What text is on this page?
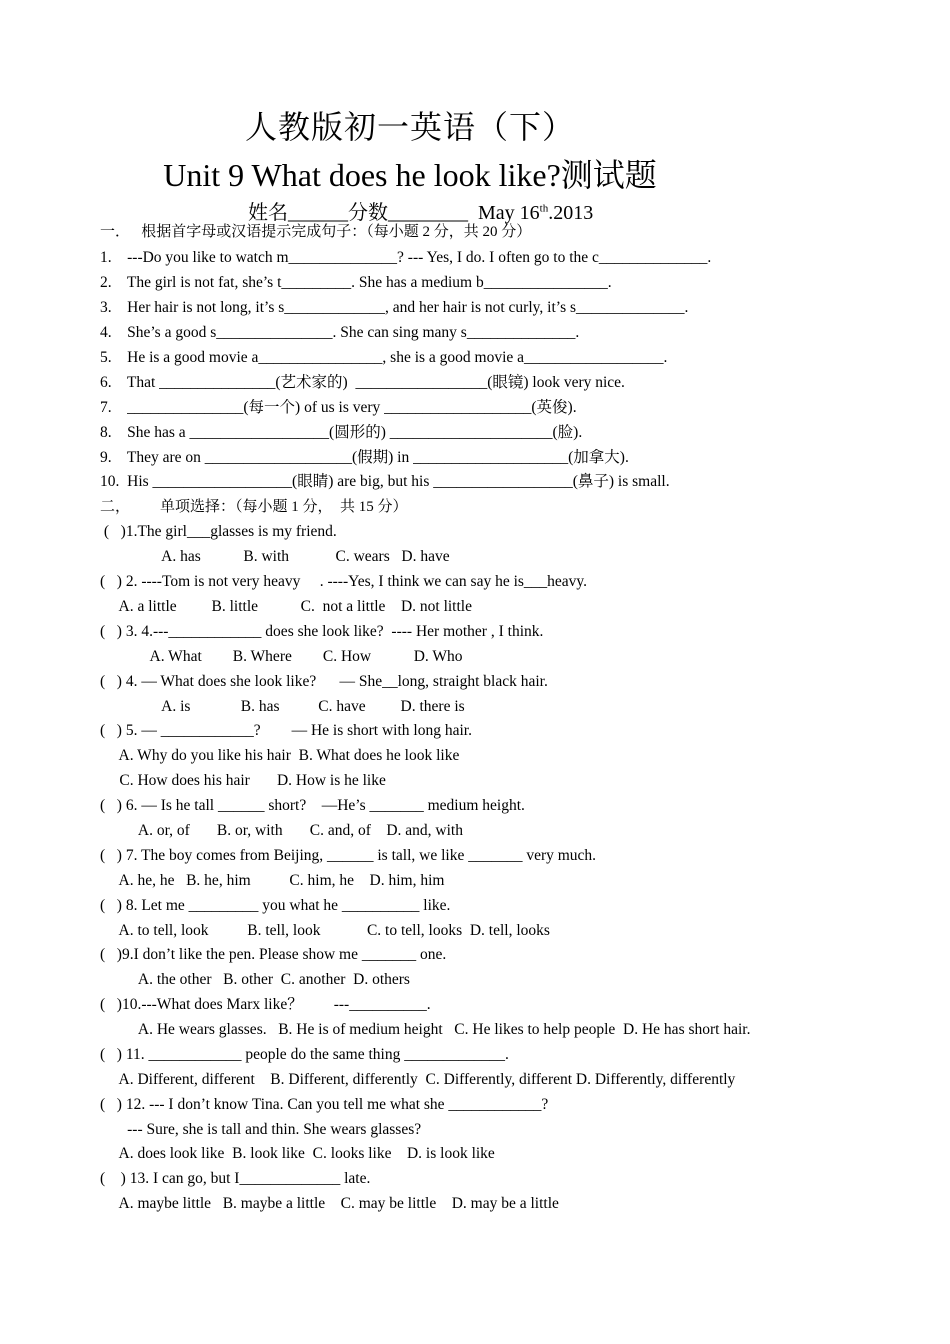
人教版初一英语（下）
Unit 9 What does he look like?测试题
姓名______分数________ May 16th.2013
一．   根据首字母或汉语提示完成句子：（每小题 2 分，共 20 分）
1.    ---Do you like to watch m______________? --- Yes, I do. I often go to the c______________.
2.    The girl is not fat, she’s t_________. She has a medium b________________.
3.    Her hair is not long, it’s s_____________, and her hair is not curly, it’s s______________.
4.    She’s a good s_______________. She can sing many s______________.
5.    He is a good movie a________________, she is a good movie a__________________.
6.    That _______________(艺术家的)  _________________(眼镜) look very nice.
7.    _______________(每一个) of us is very ___________________(英俊).
8.    She has a __________________(圆形的) _____________________(脸).
9.    They are on ___________________(假期) in ____________________(加拿大).
10.  His __________________(眼睛) are big, but his __________________(鼻子) is small.
二，        单项选择：（每小题 1 分，  共 15 分）
(   )1.The girl___glasses is my friend.
A. has           B. with            C. wears   D. have
(   ) 2. ----Tom is not very heavy     . ----Yes, I think we can say he is___heavy.
A. a little         B. little           C.  not a little    D. not little
(   ) 3. 4.---____________ does she look like?  ---- Her mother , I think.
A. What        B. Where        C. How           D. Who
(   ) 4. — What does she look like?      — She__long, straight black hair.
A. is             B. has          C. have         D. there is
(   ) 5. — ____________?        — He is short with long hair.
A. Why do you like his hair  B. What does he look like
C. How does his hair       D. How is he like
(   ) 6. — Is he tall ______ short?    —He’s _______ medium height.
A. or, of       B. or, with       C. and, of    D. and, with
(   ) 7. The boy comes from Beijing, ______ is tall, we like _______ very much.
A. he, he   B. he, him          C. him, he    D. him, him
(   ) 8. Let me _________ you what he __________ like.
A. to tell, look          B. tell, look            C. to tell, looks  D. tell, looks
(   )9.I don’t like the pen. Please show me _______ one.
A. the other   B. other  C. another  D. others
(   )10.---What does Marx like？        ---__________.
A. He wears glasses.   B. He is of medium height   C. He likes to help people  D. He has short hair.
(   ) 11. ____________ people do the same thing _____________.
A. Different, different    B. Different, differently  C. Differently, different D. Differently, differently
(   ) 12. --- I don’t know Tina. Can you tell me what she ____________?
--- Sure, she is tall and thin. She wears glasses?
A. does look like  B. look like  C. looks like    D. is look like
(    ) 13. I can go, but I_____________ late.
A. maybe little   B. maybe a little    C. may be little    D. may be a little
